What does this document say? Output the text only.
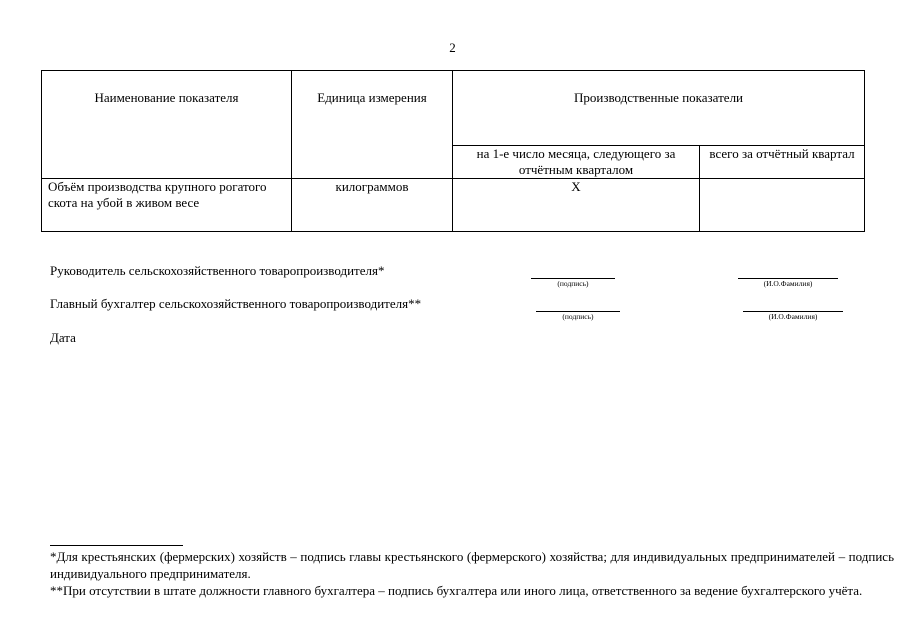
2
Наименование показателя	Единица измерения	Производственные показатели	
		на 1-е число месяца, следующего за отчётным кварталом	всего за отчётный квартал
Объём производства крупного рогатого скота на убой в живом весе	килограммов	Х	
Руководитель сельскохозяйственного товаропроизводителя*
(подпись)	(И.О.Фамилия)
Главный бухгалтер сельскохозяйственного товаропроизводителя**
(подпись)	(И.О.Фамилия)
Дата
*Для крестьянских (фермерских) хозяйств – подпись главы крестьянского (фермерского) хозяйства; для индивидуальных предпринимателей – подпись индивидуального предпринимателя.
**При отсутствии в штате должности главного бухгалтера – подпись бухгалтера или иного лица, ответственного за ведение бухгалтерского учёта.
